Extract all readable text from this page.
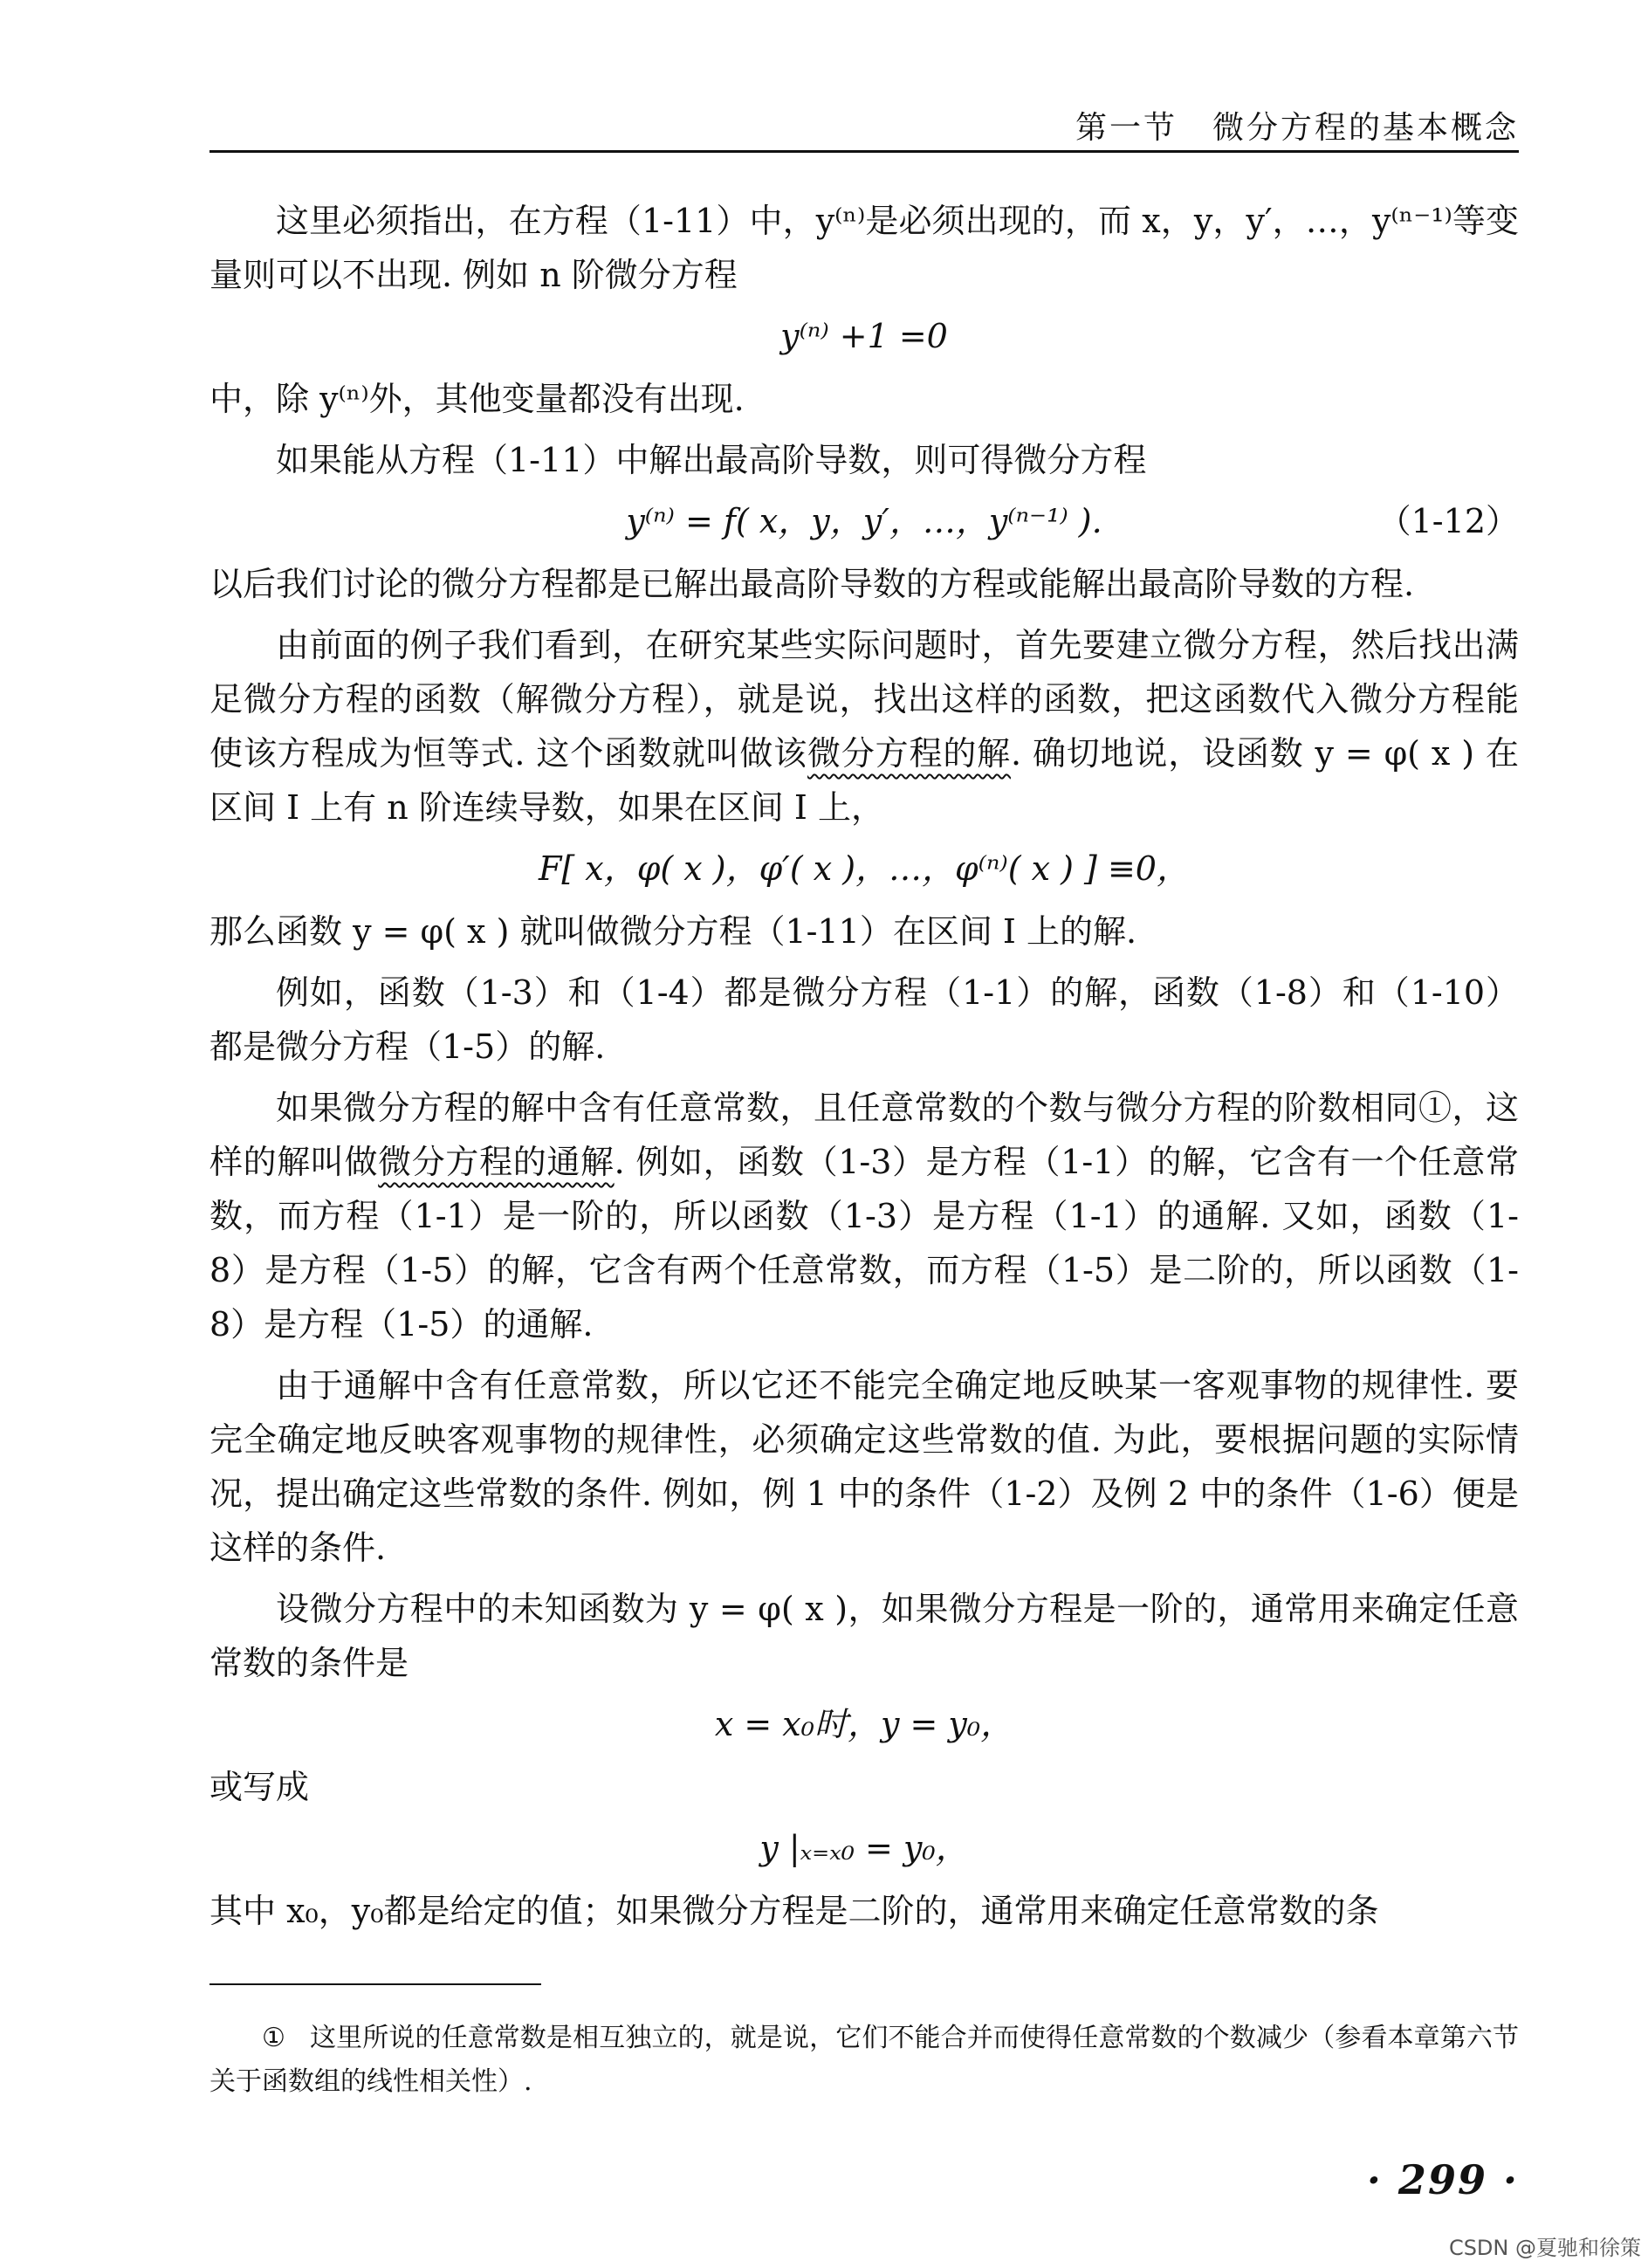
第一节 微分方程的基本概念

这里必须指出，在方程（1-11）中，y⁽ⁿ⁾是必须出现的，而 x，y，y′，…，y⁽ⁿ⁻¹⁾等变量则可以不出现. 例如 n 阶微分方程

y⁽ⁿ⁾ +1 =0

中，除 y⁽ⁿ⁾外，其他变量都没有出现.

如果能从方程（1-11）中解出最高阶导数，则可得微分方程

y⁽ⁿ⁾ = f( x，y，y′，…，y⁽ⁿ⁻¹⁾ ).	（1-12）

以后我们讨论的微分方程都是已解出最高阶导数的方程或能解出最高阶导数的方程.

由前面的例子我们看到，在研究某些实际问题时，首先要建立微分方程，然后找出满足微分方程的函数（解微分方程），就是说，找出这样的函数，把这函数代入微分方程能使该方程成为恒等式. 这个函数就叫做该微分方程的解. 确切地说，设函数 y = φ( x ) 在区间 I 上有 n 阶连续导数，如果在区间 I 上，

F[ x，φ( x )，φ′( x )，…，φ⁽ⁿ⁾( x ) ] ≡0，

那么函数 y = φ( x ) 就叫做微分方程（1-11）在区间 I 上的解.

例如，函数（1-3）和（1-4）都是微分方程（1-1）的解，函数（1-8）和（1-10）都是微分方程（1-5）的解.

如果微分方程的解中含有任意常数，且任意常数的个数与微分方程的阶数相同①，这样的解叫做微分方程的通解. 例如，函数（1-3）是方程（1-1）的解，它含有一个任意常数，而方程（1-1）是一阶的，所以函数（1-3）是方程（1-1）的通解. 又如，函数（1-8）是方程（1-5）的解，它含有两个任意常数，而方程（1-5）是二阶的，所以函数（1-8）是方程（1-5）的通解.

由于通解中含有任意常数，所以它还不能完全确定地反映某一客观事物的规律性. 要完全确定地反映客观事物的规律性，必须确定这些常数的值. 为此，要根据问题的实际情况，提出确定这些常数的条件. 例如，例 1 中的条件（1-2）及例 2 中的条件（1-6）便是这样的条件.

设微分方程中的未知函数为 y = φ( x )，如果微分方程是一阶的，通常用来确定任意常数的条件是

x = x₀时，y = y₀，

或写成

y |ₓ₌ₓ₀ = y₀，

其中 x₀，y₀都是给定的值；如果微分方程是二阶的，通常用来确定任意常数的条

① 这里所说的任意常数是相互独立的，就是说，它们不能合并而使得任意常数的个数减少（参看本章第六节关于函数组的线性相关性）.
· 299 ·
CSDN @夏驰和徐策
